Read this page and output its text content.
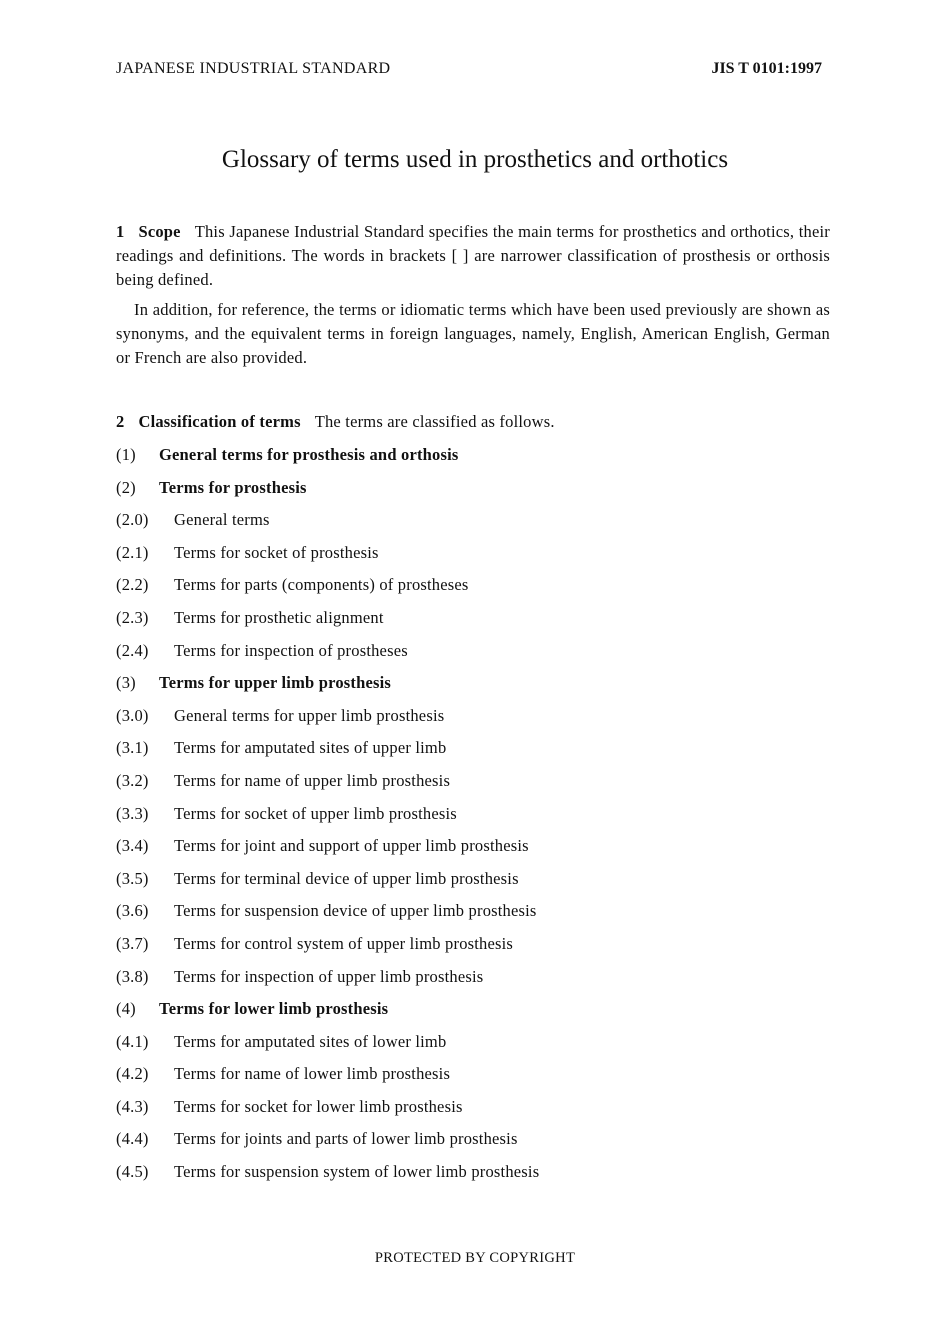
JAPANESE INDUSTRIAL STANDARD	JIS T 0101:1997
Glossary of terms used in prosthetics and orthotics
1 Scope This Japanese Industrial Standard specifies the main terms for prosthetics and orthotics, their readings and definitions. The words in brackets [ ] are narrower classification of prosthesis or orthosis being defined.
In addition, for reference, the terms or idiomatic terms which have been used previously are shown as synonyms, and the equivalent terms in foreign languages, namely, English, American English, German or French are also provided.
2 Classification of terms The terms are classified as follows.
(1)	General terms for prosthesis and orthosis
(2)	Terms for prosthesis
(2.0)	General terms
(2.1)	Terms for socket of prosthesis
(2.2)	Terms for parts (components) of prostheses
(2.3)	Terms for prosthetic alignment
(2.4)	Terms for inspection of prostheses
(3)	Terms for upper limb prosthesis
(3.0)	General terms for upper limb prosthesis
(3.1)	Terms for amputated sites of upper limb
(3.2)	Terms for name of upper limb prosthesis
(3.3)	Terms for socket of upper limb prosthesis
(3.4)	Terms for joint and support of upper limb prosthesis
(3.5)	Terms for terminal device of upper limb prosthesis
(3.6)	Terms for suspension device of upper limb prosthesis
(3.7)	Terms for control system of upper limb prosthesis
(3.8)	Terms for inspection of upper limb prosthesis
(4)	Terms for lower limb prosthesis
(4.1)	Terms for amputated sites of lower limb
(4.2)	Terms for name of lower limb prosthesis
(4.3)	Terms for socket for lower limb prosthesis
(4.4)	Terms for joints and parts of lower limb prosthesis
(4.5)	Terms for suspension system of lower limb prosthesis
PROTECTED BY COPYRIGHT
